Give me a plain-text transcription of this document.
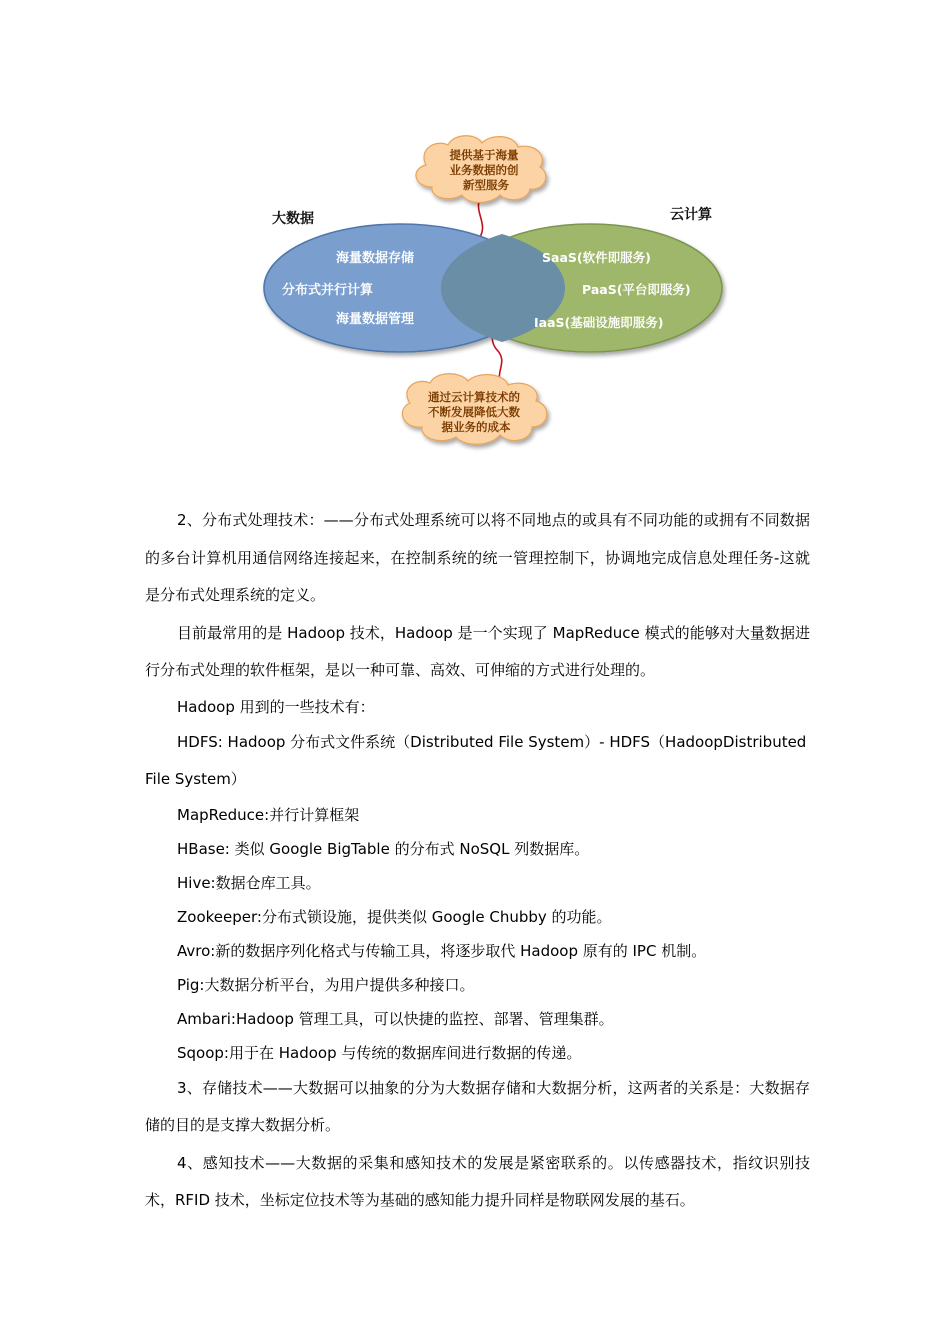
提供基于海量 业务数据的创 新型服务
大数据	云计算
海量数据存储
分布式并行计算
海量数据管理
SaaS(软件即服务)
PaaS(平台即服务)
IaaS(基础设施即服务)
通过云计算技术的 不断发展降低大数 据业务的成本

2、分布式处理技术：——分布式处理系统可以将不同地点的或具有不同功能的或拥有不同数据的多台计算机用通信网络连接起来，在控制系统的统一管理控制下，协调地完成信息处理任务-这就是分布式处理系统的定义。

目前最常用的是 Hadoop 技术，Hadoop 是一个实现了 MapReduce 模式的能够对大量数据进行分布式处理的软件框架，是以一种可靠、高效、可伸缩的方式进行处理的。

Hadoop 用到的一些技术有：

HDFS: Hadoop 分布式文件系统（Distributed File System）- HDFS（HadoopDistributed File System）

MapReduce:并行计算框架

HBase: 类似 Google BigTable 的分布式 NoSQL 列数据库。

Hive:数据仓库工具。

Zookeeper:分布式锁设施，提供类似 Google Chubby 的功能。

Avro:新的数据序列化格式与传输工具，将逐步取代 Hadoop 原有的 IPC 机制。

Pig:大数据分析平台，为用户提供多种接口。

Ambari:Hadoop 管理工具，可以快捷的监控、部署、管理集群。

Sqoop:用于在 Hadoop 与传统的数据库间进行数据的传递。

3、存储技术——大数据可以抽象的分为大数据存储和大数据分析，这两者的关系是：大数据存储的目的是支撑大数据分析。

4、感知技术——大数据的采集和感知技术的发展是紧密联系的。以传感器技术，指纹识别技术，RFID 技术，坐标定位技术等为基础的感知能力提升同样是物联网发展的基石。
